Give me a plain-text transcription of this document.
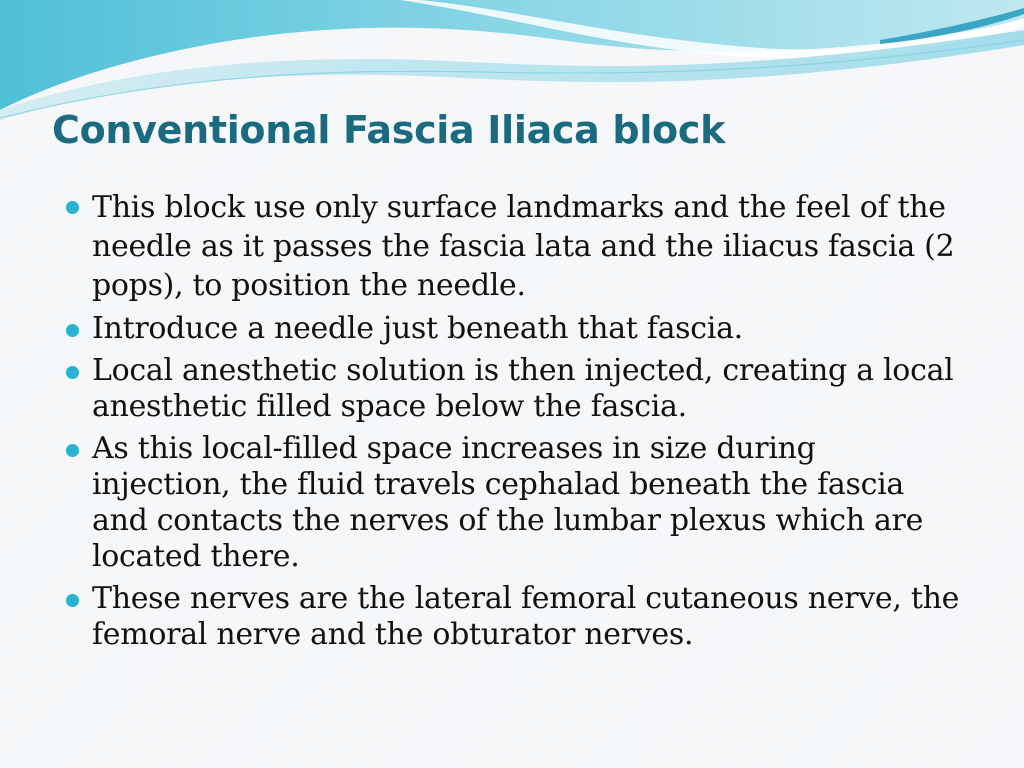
Conventional Fascia Iliaca block
This block use only surface landmarks and the feel of the needle as it passes the fascia lata and the iliacus fascia (2 pops), to position the needle.
Introduce a needle just beneath that fascia.
Local anesthetic solution is then injected, creating a local anesthetic filled space below the fascia.
As this local-filled space increases in size during injection, the fluid travels cephalad beneath the fascia and contacts the nerves of the lumbar plexus which are located there.
These nerves are the lateral femoral cutaneous nerve, the femoral nerve and the obturator nerves.
